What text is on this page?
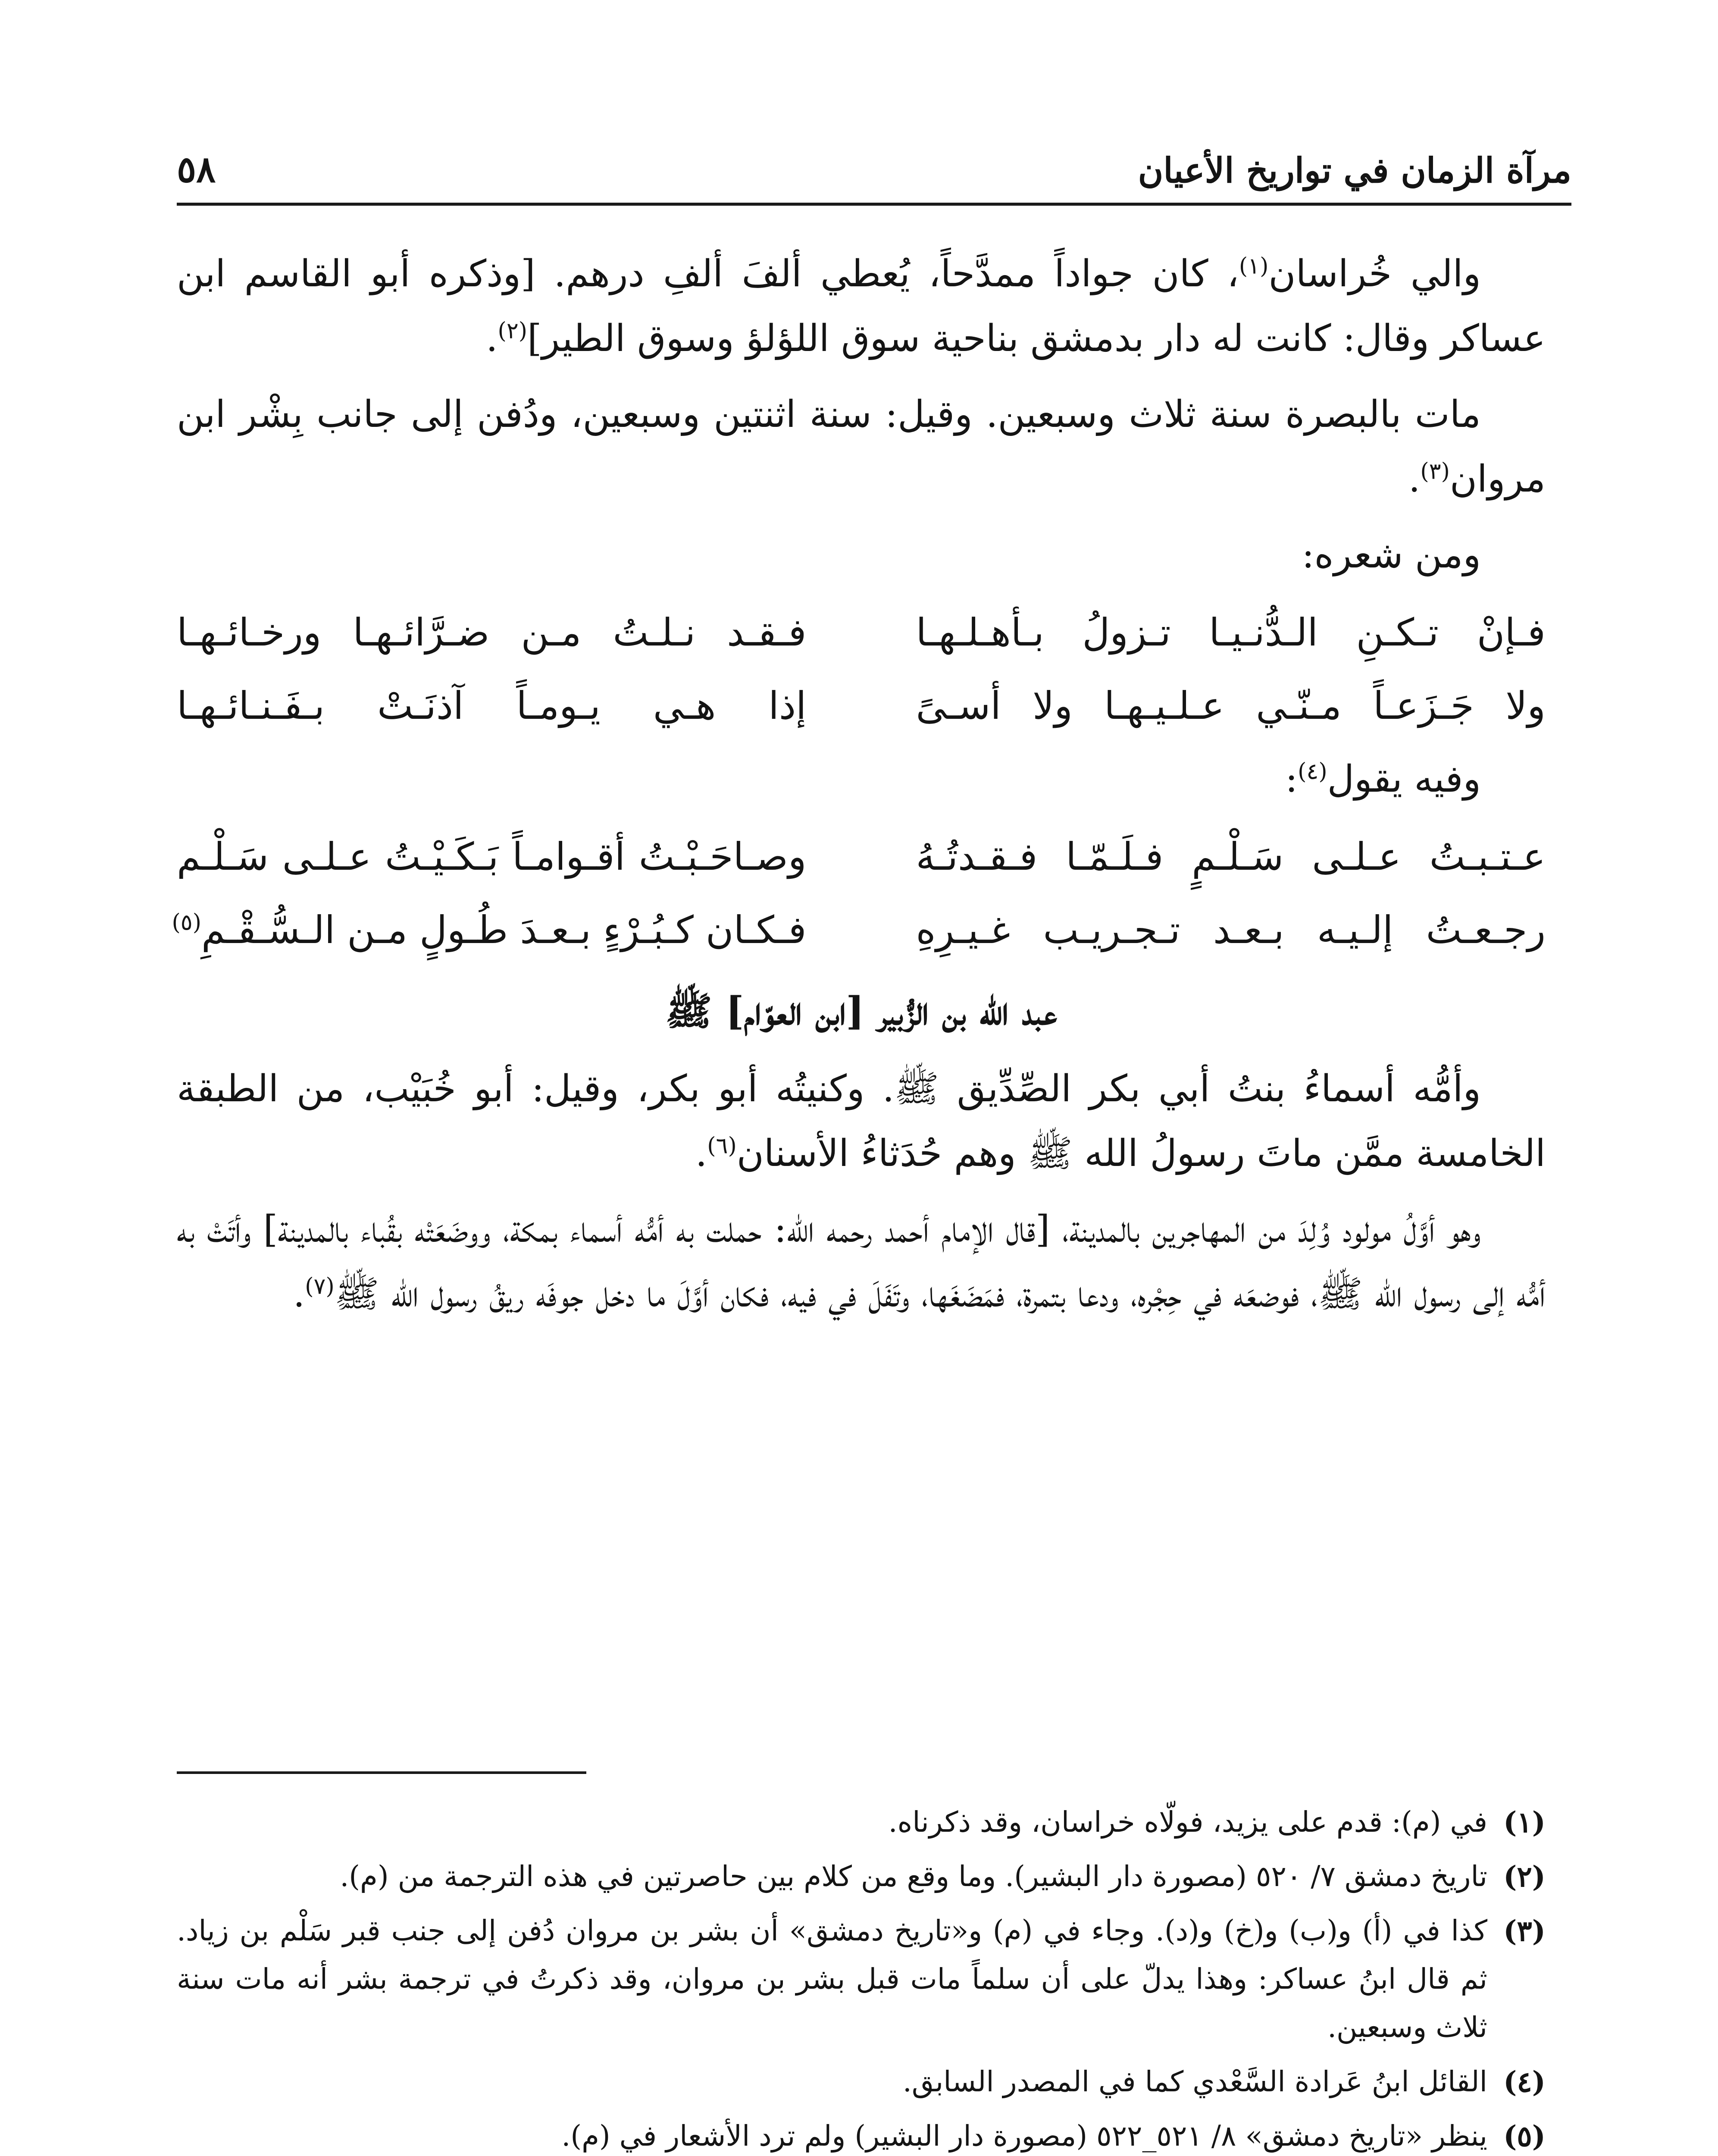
مرآة الزمان في تواريخ الأعيان
٥٨

والي خُراسان$^{(١)}$، كان جواداً ممدَّحاً، يُعطي ألفَ ألفِ درهم. [وذكره أبو القاسم ابن عساكر وقال: كانت له دار بدمشق بناحية سوق اللؤلؤ وسوق الطير]$^{(٢)}$.

مات بالبصرة سنة ثلاث وسبعين. وقيل: سنة اثنتين وسبعين، ودُفن إلى جانب بِشْر ابن مروان$^{(٣)}$.

ومن شعره:

فـإنْ تـكـنِ الـدُّنـيـا تـزولُ بـأهـلـهـا
فـقـد نـلـتُ مـن ضـرَّائـهـا ورخـائـهـا
ولا جَـزَعـاً مـنّـي عـلـيـهـا ولا أسـىً
إذا هـي يـومـاً آذنَـتْ بـفَـنـائـهـا

وفيه يقول$^{(٤)}$:

عـتـبـتُ عـلـى سَـلْـمٍ فـلَـمّـا فـقـدتُـهُ
وصـاحَـبْـتُ أقـوامـاً بَـكَـيْـتُ عـلـى سَـلْـم
رجـعـتُ إلـيـه بـعـد تـجـريـب غـيـرِهِ
فـكـان كـبُـرْءٍ بـعـدَ طُـولٍ مـن الـسُّـقْـمِ$^{(٥)}$
عبد الله بن الزُّبير [ابن العوّام] ﷺ

وأمُّه أسماءُ بنتُ أبي بكر الصِّدِّيق ﷺ. وكنيتُه أبو بكر، وقيل: أبو خُبَيْب، من الطبقة الخامسة ممَّن ماتَ رسولُ الله ﷺ وهم حُدَثاءُ الأسنان$^{(٦)}$.

وهو أوَّلُ مولود وُلِدَ من المهاجرين بالمدينة، [قال الإمام أحمد رحمه الله: حملت به أمُّه أسماء بمكة، ووضَعَتْه بقُباء بالمدينة] وأتَتْ به أمُّه إلى رسول الله ﷺ، فوضعَه في حِجْره، ودعا بتمرة، فمَضَغَها، وتَفَلَ في فيه، فكان أوَّلَ ما دخل جوفَه ريقُ رسول الله ﷺ$^{(٧)}$.

(١)
في (م): قدم على يزيد، فولّاه خراسان، وقد ذكرناه.
(٢)
تاريخ دمشق ٧/ ٥٢٠ (مصورة دار البشير). وما وقع من كلام بين حاصرتين في هذه الترجمة من (م).
(٣)
كذا في (أ) و(ب) و(خ) و(د). وجاء في (م) و«تاريخ دمشق» أن بشر بن مروان دُفن إلى جنب قبر سَلْم بن زياد. ثم قال ابنُ عساكر: وهذا يدلّ على أن سلماً مات قبل بشر بن مروان، وقد ذكرتُ في ترجمة بشر أنه مات سنة ثلاث وسبعين.
(٤)
القائل ابنُ عَرادة السَّعْدي كما في المصدر السابق.
(٥)
ينظر «تاريخ دمشق» ٨/ ٥٢١_٥٢٢ (مصورة دار البشير) ولم ترد الأشعار في (م).
